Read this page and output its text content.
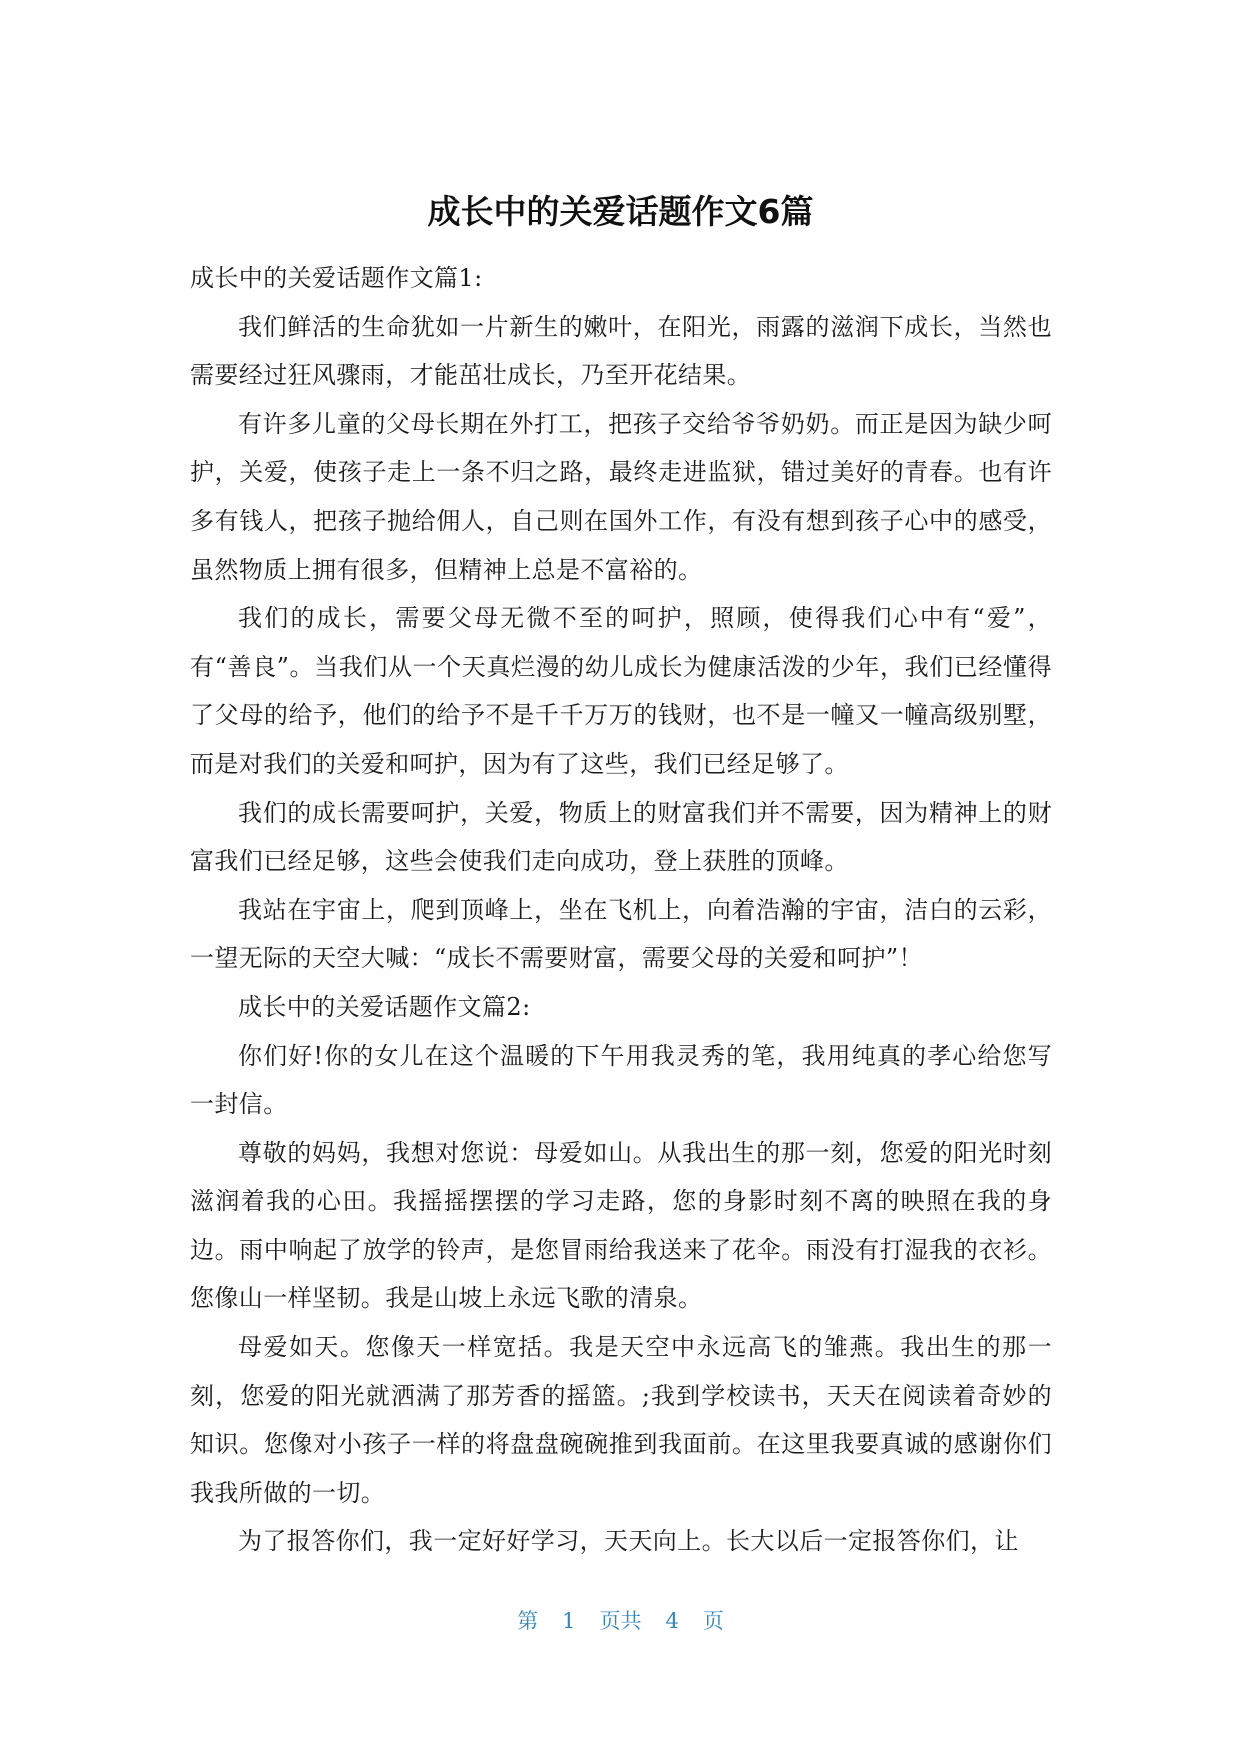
成长中的关爱话题作文6篇

成长中的关爱话题作文篇1:

我们鲜活的生命犹如一片新生的嫩叶，在阳光，雨露的滋润下成长，当然也需要经过狂风骤雨，才能茁壮成长，乃至开花结果。

有许多儿童的父母长期在外打工，把孩子交给爷爷奶奶。而正是因为缺少呵护，关爱，使孩子走上一条不归之路，最终走进监狱，错过美好的青春。也有许多有钱人，把孩子抛给佣人，自己则在国外工作，有没有想到孩子心中的感受，虽然物质上拥有很多，但精神上总是不富裕的。

我们的成长，需要父母无微不至的呵护，照顾，使得我们心中有“爱”，有“善良”。当我们从一个天真烂漫的幼儿成长为健康活泼的少年，我们已经懂得了父母的给予，他们的给予不是千千万万的钱财，也不是一幢又一幢高级别墅，而是对我们的关爱和呵护，因为有了这些，我们已经足够了。

我们的成长需要呵护，关爱，物质上的财富我们并不需要，因为精神上的财富我们已经足够，这些会使我们走向成功，登上获胜的顶峰。

我站在宇宙上，爬到顶峰上，坐在飞机上，向着浩瀚的宇宙，洁白的云彩，一望无际的天空大喊：“成长不需要财富，需要父母的关爱和呵护”！

成长中的关爱话题作文篇2:

你们好!你的女儿在这个温暖的下午用我灵秀的笔，我用纯真的孝心给您写一封信。

尊敬的妈妈，我想对您说：母爱如山。从我出生的那一刻，您爱的阳光时刻滋润着我的心田。我摇摇摆摆的学习走路，您的身影时刻不离的映照在我的身边。雨中响起了放学的铃声，是您冒雨给我送来了花伞。雨没有打湿我的衣衫。您像山一样坚韧。我是山坡上永远飞歌的清泉。

母爱如天。您像天一样宽括。我是天空中永远高飞的雏燕。我出生的那一刻，您爱的阳光就洒满了那芳香的摇篮。;我到学校读书，天天在阅读着奇妙的知识。您像对小孩子一样的将盘盘碗碗推到我面前。在这里我要真诚的感谢你们我我所做的一切。

为了报答你们，我一定好好学习，天天向上。长大以后一定报答你们，让

第 1 页共 4 页
